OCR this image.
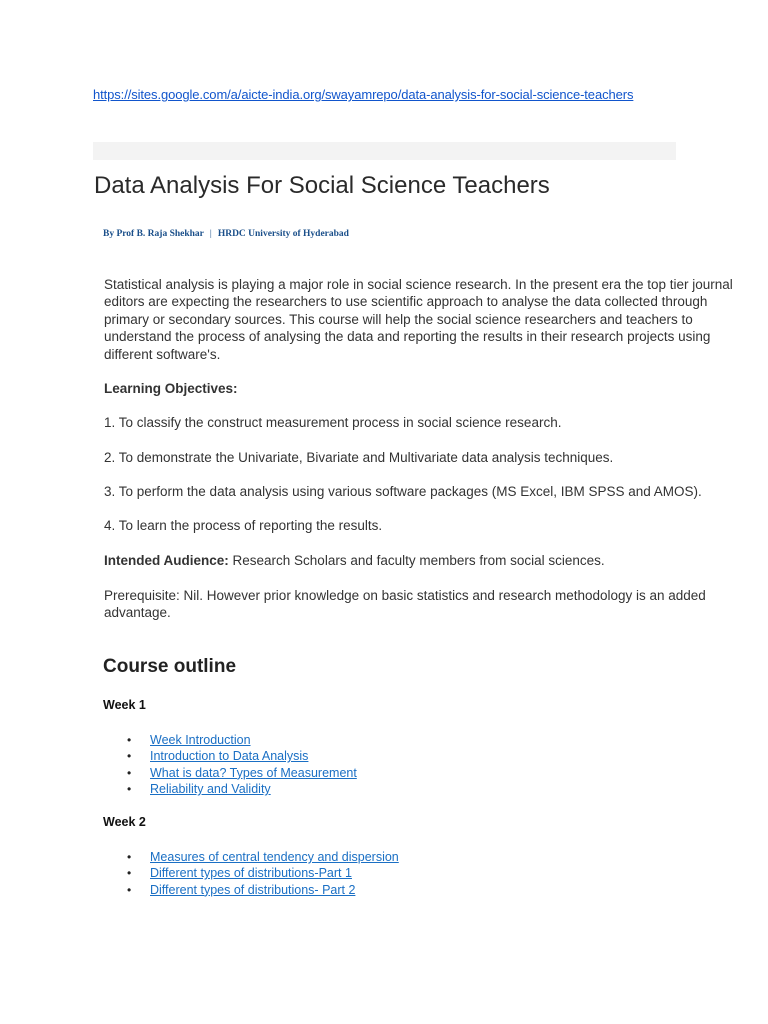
https://sites.google.com/a/aicte-india.org/swayamrepo/data-analysis-for-social-science-teachers
Data Analysis For Social Science Teachers
By Prof B. Raja Shekhar | HRDC University of Hyderabad

Statistical analysis is playing a major role in social science research. In the present era the top tier journal editors are expecting the researchers to use scientific approach to analyse the data collected through primary or secondary sources. This course will help the social science researchers and teachers to understand the process of analysing the data and reporting the results in their research projects using different software's.

Learning Objectives:

1. To classify the construct measurement process in social science research.

2. To demonstrate the Univariate, Bivariate and Multivariate data analysis techniques.

3. To perform the data analysis using various software packages (MS Excel, IBM SPSS and AMOS).

4. To learn the process of reporting the results.

Intended Audience: Research Scholars and faculty members from social sciences.

Prerequisite: Nil. However prior knowledge on basic statistics and research methodology is an added advantage.

Course outline

Week 1

• Week Introduction
• Introduction to Data Analysis
• What is data? Types of Measurement
• Reliability and Validity

Week 2

• Measures of central tendency and dispersion
• Different types of distributions-Part 1
• Different types of distributions- Part 2
